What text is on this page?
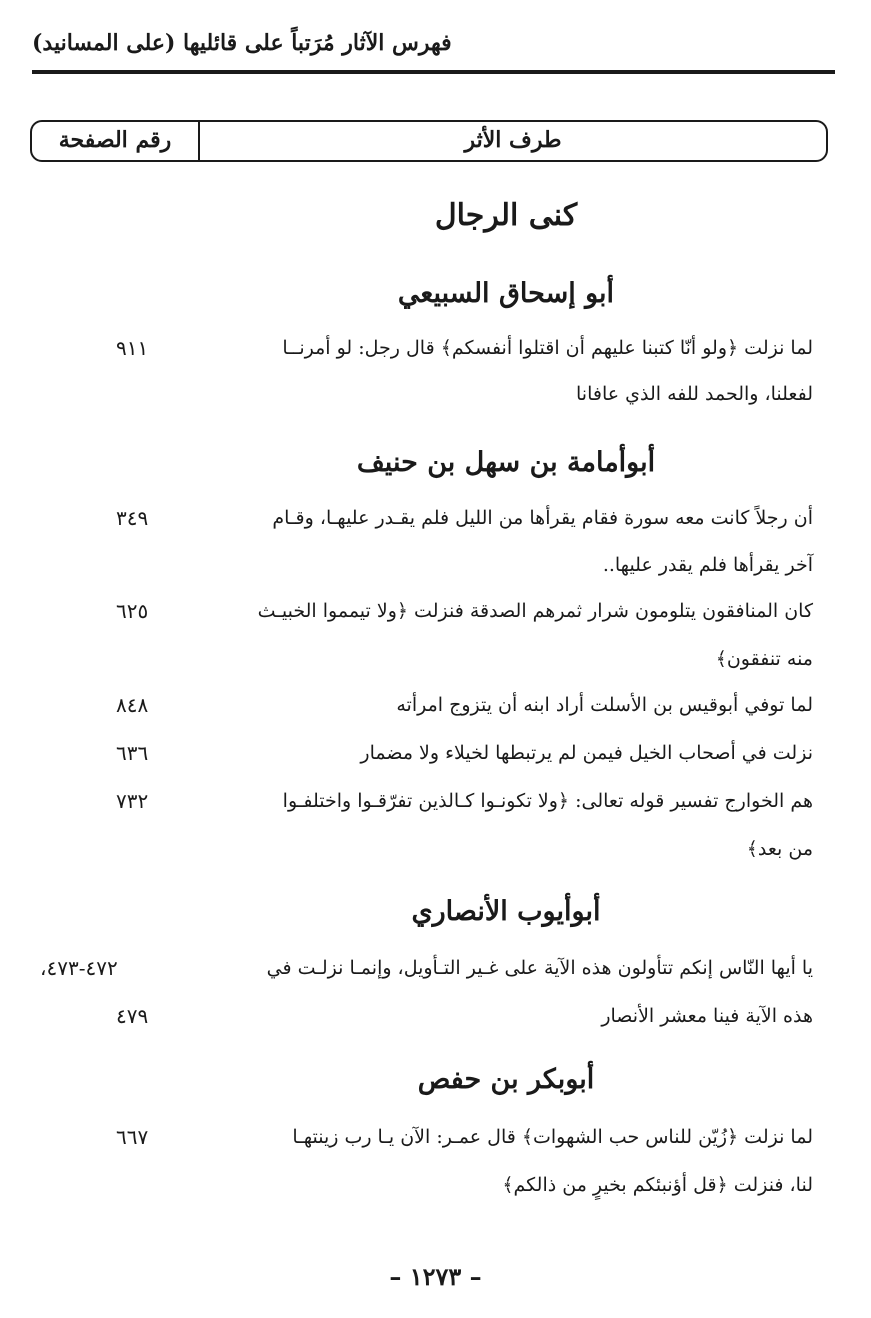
فهرس الآثار مُرَتباً على قائليها (على المسانيد)
رقم الصفحة	طرف الأثر
كنى الرجال
أبو إسحاق السبيعي
لما نزلت ﴿ولو أنّا كتبنا عليهم أن اقتلوا أنفسكم﴾ قال رجل: لو أمرنــا
٩١١
لفعلنا، والحمد للفه الذي عافانا
أبوأمامة بن سهل بن حنيف
أن رجلاً كانت معه سورة فقام يقرأها من الليل فلم يقـدر عليهـا، وقـام
٣٤٩
آخر يقرأها فلم يقدر عليها..
كان المنافقون يتلومون شرار ثمرهم الصدقة فنزلت ﴿ولا تيمموا الخبيـث
٦٢٥
منه تنفقون﴾
لما توفي أبوقيس بن الأسلت أراد ابنه أن يتزوج امرأته
٨٤٨
نزلت في أصحاب الخيل فيمن لم يرتبطها لخيلاء ولا مضمار
٦٣٦
هم الخوارج تفسير قوله تعالى: ﴿ولا تكونـوا كـالذين تفرّقـوا واختلفـوا
٧٣٢
من بعد﴾
أبوأيوب الأنصاري
يا أيها النّاس إنكم تتأولون هذه الآية على غـير التـأويل، وإنمـا نزلـت في
٤٧٢-٤٧٣،
هذه الآية فينا معشر الأنصار
٤٧٩
أبوبكر بن حفص
لما نزلت ﴿زُيّن للناس حب الشهوات﴾ قال عمـر: الآن يـا رب زينتهـا
٦٦٧
لنا، فنزلت ﴿قل أؤنبئكم بخيرٍ من ذالكم﴾
– ١٢٧٣ –
